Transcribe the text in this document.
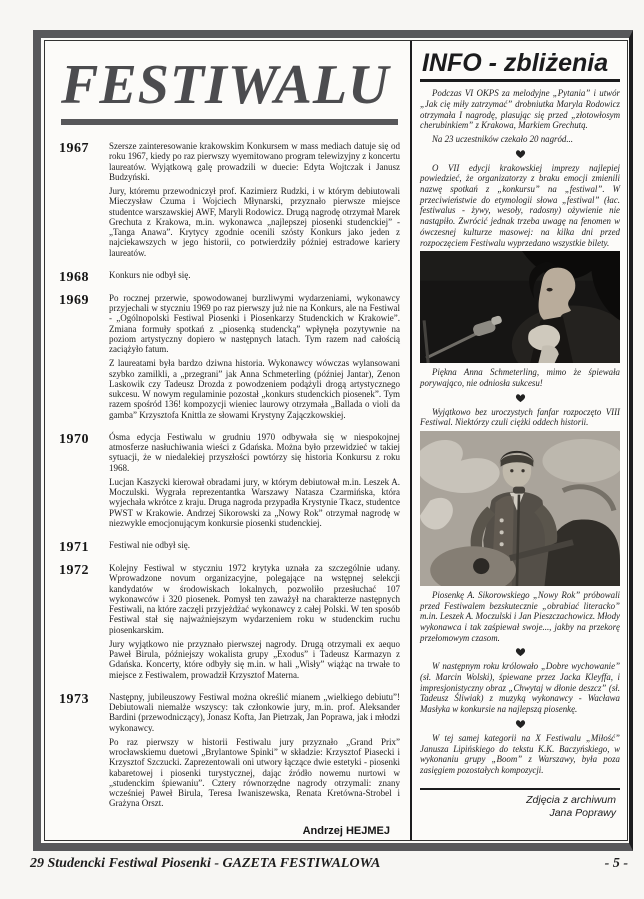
FESTIWALU
1967	Szersze zainteresowanie krakowskim Konkursem w mass mediach datuje się od roku 1967, kiedy po raz pierwszy wyemitowano program telewizyjny z koncertu laureatów. Wyjątkową galę prowadzili w duecie: Edyta Wojtczak i Janusz Budzyński.

Jury, któremu przewodniczył prof. Kazimierz Rudzki, i w którym debiutowali Mieczysław Czuma i Wojciech Młynarski, przyznało pierwsze miejsce studentce warszawskiej AWF, Maryli Rodowicz. Drugą nagrodę otrzymał Marek Grechuta z Krakowa, m.in. wykonawca „najlepszej piosenki studenckiej” - „Tanga Anawa”. Krytycy zgodnie ocenili szósty Konkurs jako jeden z najciekawszych w jego historii, co potwierdziły później estradowe kariery laureatów.

1968	Konkurs nie odbył się.

1969	Po rocznej przerwie, spowodowanej burzliwymi wydarzeniami, wykonawcy przyjechali w styczniu 1969 po raz pierwszy już nie na Konkurs, ale na Festiwal - „Ogólnopolski Festiwal Piosenki i Piosenkarzy Studenckich w Krakowie”. Zmiana formuły spotkań z „piosenką studencką” wpłynęła pozytywnie na poziom artystyczny dopiero w następnych latach. Tym razem nad całością zaciążyło fatum.

Z laureatami była bardzo dziwna historia. Wykonawcy wówczas wylansowani szybko zamilkli, a „przegrani” jak Anna Schmeterling (później Jantar), Zenon Laskowik czy Tadeusz Drozda z powodzeniem podążyli drogą artystycznego sukcesu. W nowym regulaminie pozostał „konkurs studenckich piosenek”. Tym razem spośród 136! kompozycji wieniec laurowy otrzymała „Ballada o violi da gamba” Krzysztofa Knittla ze słowami Krystyny Zajączkowskiej.

1970	Ósma edycja Festiwalu w grudniu 1970 odbywała się w niespokojnej atmosferze nasłuchiwania wieści z Gdańska. Można było przewidzieć w takiej sytuacji, że w niedalekiej przyszłości powtórzy się historia Konkursu z roku 1968.

Lucjan Kaszycki kierował obradami jury, w którym debiutował m.in. Leszek A. Moczulski. Wygrała reprezentantka Warszawy Natasza Czarmińska, która wyjechała wkrótce z kraju. Druga nagroda przypadła Krystynie Tkacz, studentce PWST w Krakowie. Andrzej Sikorowski za „Nowy Rok” otrzymał nagrodę w niezwykle emocjonującym konkursie piosenki studenckiej.

1971	Festiwal nie odbył się.

1972	Kolejny Festiwal w styczniu 1972 krytyka uznała za szczególnie udany. Wprowadzone novum organizacyjne, polegające na wstępnej selekcji kandydatów w środowiskach lokalnych, pozwoliło przesłuchać 107 wykonawców i 320 piosenek. Pomysł ten zaważył na charakterze następnych Festiwali, na które zaczęli przyjeżdżać wykonawcy z całej Polski. W ten sposób Festiwal stał się najważniejszym wydarzeniem roku w studenckim ruchu piosenkarskim.

Jury wyjątkowo nie przyznało pierwszej nagrody. Drugą otrzymali ex aequo Paweł Birula, późniejszy wokalista grupy „Exodus” i Tadeusz Karmazyn z Gdańska. Koncerty, które odbyły się m.in. w hali „Wisły” wiążąc na trwałe to miejsce z Festiwalem, prowadził Krzysztof Materna.

1973	Następny, jubileuszowy Festiwal można określić mianem „wielkiego debiutu”! Debiutowali niemalże wszyscy: tak członkowie jury, m.in. prof. Aleksander Bardini (przewodniczący), Jonasz Kofta, Jan Pietrzak, Jan Poprawa, jak i młodzi wykonawcy.

Po raz pierwszy w historii Festiwalu jury przyznało „Grand Prix” wrocławskiemu duetowi „Brylantowe Spinki” w składzie: Krzysztof Piasecki i Krzysztof Szczucki. Zaprezentowali oni utwory łączące dwie estetyki - piosenki kabaretowej i piosenki turystycznej, dając źródło nowemu nurtowi w „studenckim śpiewaniu”. Cztery równorzędne nagrody otrzymali: znany wcześniej Paweł Birula, Teresa Iwaniszewska, Renata Kretówna-Strobel i Grażyna Orszt.

Andrzej HEJMEJ
INFO - zbliżenia

Podczas VI OKPS za melodyjne „Pytania” i utwór „Jak cię miły zatrzymać” drobniutka Maryla Rodowicz otrzymała I nagrodę, plasując się przed „złotowłosym cherubinkiem” z Krakowa, Markiem Grechutą.

Na 23 uczestników czekało 20 nagród...

O VII edycji krakowskiej imprezy najlepiej powiedzieć, że organizatorzy z braku emocji zmienili nazwę spotkań z „konkursu” na „festiwal”. W przeciwieństwie do etymologii słowa „festiwal” (łac. festiwalus - żywy, wesoły, radosny) ożywienie nie nastąpiło. Zwrócić jednak trzeba uwagę na fenomen w ówczesnej kulturze masowej: na kilka dni przed rozpoczęciem Festiwalu wyprzedano wszystkie bilety.

Piękna Anna Schmeterling, mimo że śpiewała porywająco, nie odniosła sukcesu!

Wyjątkowo bez uroczystych fanfar rozpoczęto VIII Festiwal. Niektórzy czuli ciężki oddech historii.

Piosenkę A. Sikorowskiego „Nowy Rok” próbowali przed Festiwalem bezskutecznie „obrabiać literacko” m.in. Leszek A. Moczulski i Jan Pieszczachowicz. Młody wykonawca i tak zaśpiewał swoje..., jakby na przekorę przełomowym czasom.

W następnym roku królowało „Dobre wychowanie” (sł. Marcin Wolski), śpiewane przez Jacka Kleyffa, i impresjonistyczny obraz „Chwytaj w dłonie deszcz” (sł. Tadeusz Śliwiak) z muzyką wykonawcy - Wacława Masłyka w konkursie na najlepszą piosenkę.

W tej samej kategorii na X Festiwalu „Miłość” Janusza Lipińskiego do tekstu K.K. Baczyńskiego, w wykonaniu grupy „Boom” z Warszawy, była poza zasięgiem pozostałych kompozycji.

Zdjęcia z archiwum
Jana Poprawy
29 Studencki Festiwal Piosenki - GAZETA FESTIWALOWA	- 5 -
